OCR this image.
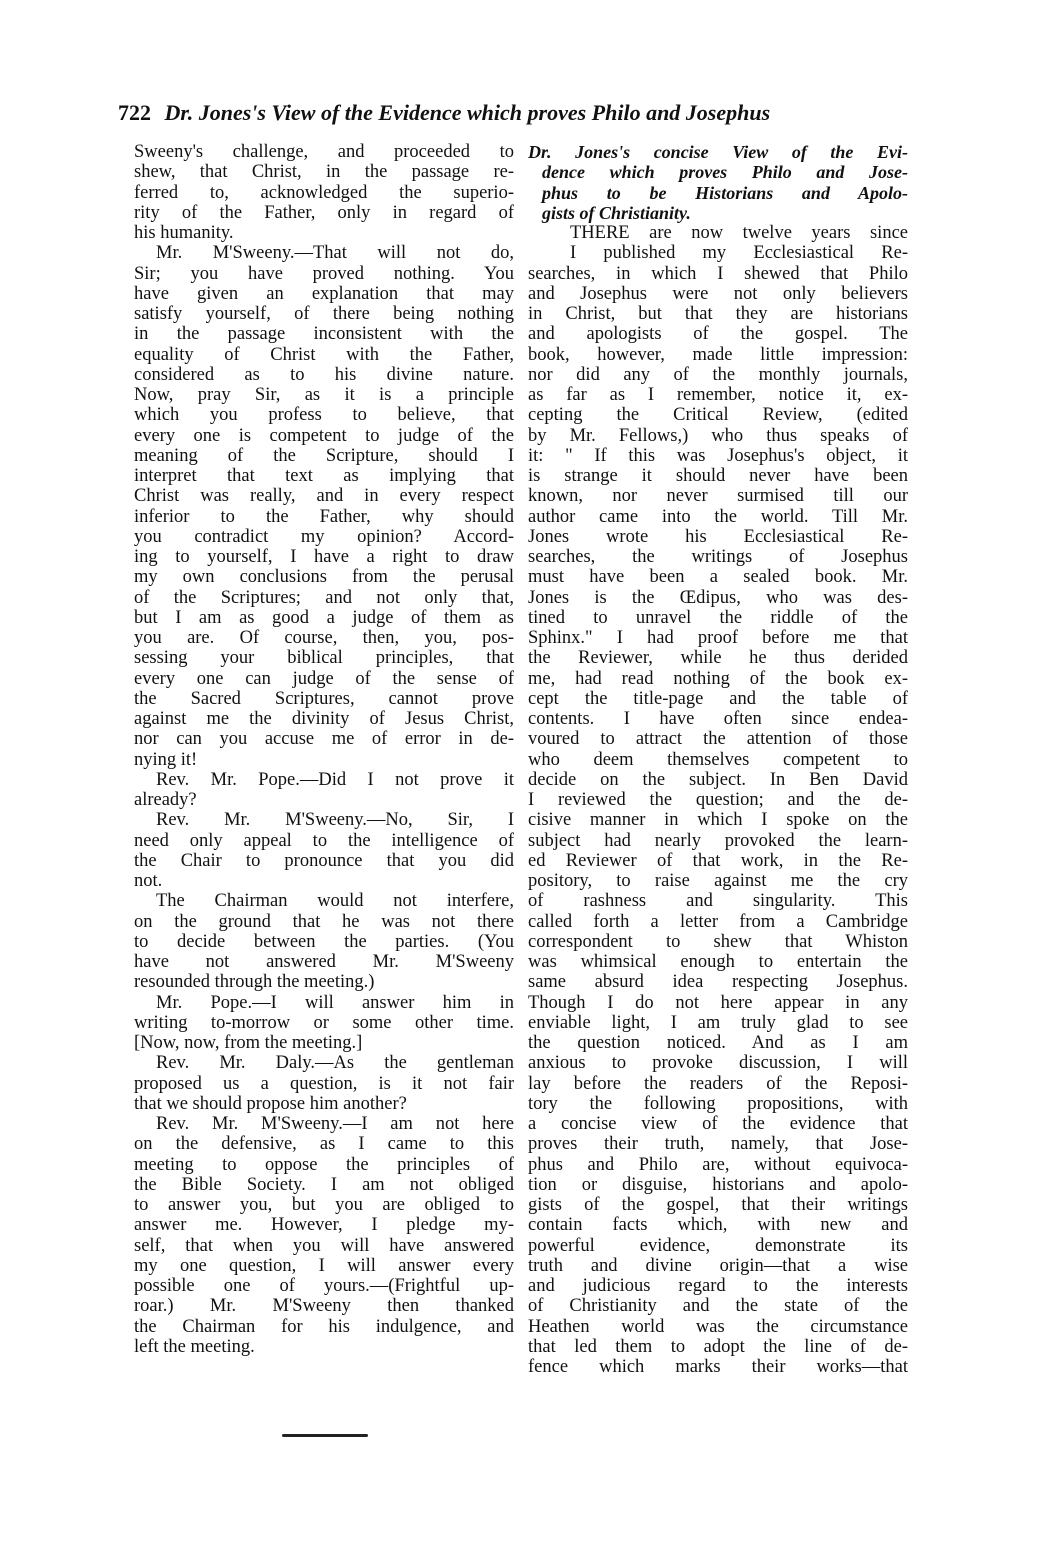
722 Dr. Jones's View of the Evidence which proves Philo and Josephus
Sweeny's challenge, and proceeded to
shew, that Christ, in the passage re-
ferred to, acknowledged the superio-
rity of the Father, only in regard of
his humanity.
Mr. M'Sweeny.—That will not do,
Sir; you have proved nothing. You
have given an explanation that may
satisfy yourself, of there being nothing
in the passage inconsistent with the
equality of Christ with the Father,
considered as to his divine nature.
Now, pray Sir, as it is a principle
which you profess to believe, that
every one is competent to judge of the
meaning of the Scripture, should I
interpret that text as implying that
Christ was really, and in every respect
inferior to the Father, why should
you contradict my opinion? Accord-
ing to yourself, I have a right to draw
my own conclusions from the perusal
of the Scriptures; and not only that,
but I am as good a judge of them as
you are. Of course, then, you, pos-
sessing your biblical principles, that
every one can judge of the sense of
the Sacred Scriptures, cannot prove
against me the divinity of Jesus Christ,
nor can you accuse me of error in de-
nying it!
Rev. Mr. Pope.—Did I not prove it
already?
Rev. Mr. M'Sweeny.—No, Sir, I
need only appeal to the intelligence of
the Chair to pronounce that you did
not.
The Chairman would not interfere,
on the ground that he was not there
to decide between the parties. (You
have not answered Mr. M'Sweeny
resounded through the meeting.)
Mr. Pope.—I will answer him in
writing to-morrow or some other time.
[Now, now, from the meeting.]
Rev. Mr. Daly.—As the gentleman
proposed us a question, is it not fair
that we should propose him another?
Rev. Mr. M'Sweeny.—I am not here
on the defensive, as I came to this
meeting to oppose the principles of
the Bible Society. I am not obliged
to answer you, but you are obliged to
answer me. However, I pledge my-
self, that when you will have answered
my one question, I will answer every
possible one of yours.—(Frightful up-
roar.) Mr. M'Sweeny then thanked
the Chairman for his indulgence, and
left the meeting.
Dr. Jones's concise View of the Evi-
dence which proves Philo and Jose-
phus to be Historians and Apolo-
gists of Christianity.
THERE are now twelve years since
I published my Ecclesiastical Re-
searches, in which I shewed that Philo
and Josephus were not only believers
in Christ, but that they are historians
and apologists of the gospel. The
book, however, made little impression:
nor did any of the monthly journals,
as far as I remember, notice it, ex-
cepting the Critical Review, (edited
by Mr. Fellows,) who thus speaks of
it: " If this was Josephus's object, it
is strange it should never have been
known, nor never surmised till our
author came into the world. Till Mr.
Jones wrote his Ecclesiastical Re-
searches, the writings of Josephus
must have been a sealed book. Mr.
Jones is the Œdipus, who was des-
tined to unravel the riddle of the
Sphinx." I had proof before me that
the Reviewer, while he thus derided
me, had read nothing of the book ex-
cept the title-page and the table of
contents. I have often since endea-
voured to attract the attention of those
who deem themselves competent to
decide on the subject. In Ben David
I reviewed the question; and the de-
cisive manner in which I spoke on the
subject had nearly provoked the learn-
ed Reviewer of that work, in the Re-
pository, to raise against me the cry
of rashness and singularity. This
called forth a letter from a Cambridge
correspondent to shew that Whiston
was whimsical enough to entertain the
same absurd idea respecting Josephus.
Though I do not here appear in any
enviable light, I am truly glad to see
the question noticed. And as I am
anxious to provoke discussion, I will
lay before the readers of the Reposi-
tory the following propositions, with
a concise view of the evidence that
proves their truth, namely, that Jose-
phus and Philo are, without equivoca-
tion or disguise, historians and apolo-
gists of the gospel, that their writings
contain facts which, with new and
powerful evidence, demonstrate its
truth and divine origin—that a wise
and judicious regard to the interests
of Christianity and the state of the
Heathen world was the circumstance
that led them to adopt the line of de-
fence which marks their works—that
